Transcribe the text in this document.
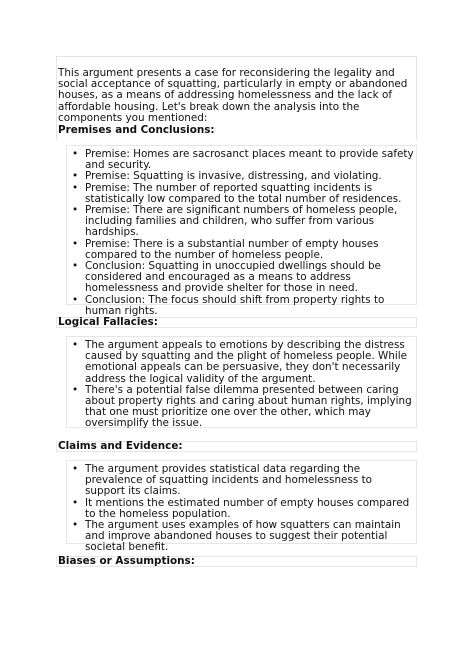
This argument presents a case for reconsidering the legality and social acceptance of squatting, particularly in empty or abandoned houses, as a means of addressing homelessness and the lack of affordable housing. Let's break down the analysis into the components you mentioned:

Premises and Conclusions:

• Premise: Homes are sacrosanct places meant to provide safety and security.
• Premise: Squatting is invasive, distressing, and violating.
• Premise: The number of reported squatting incidents is statistically low compared to the total number of residences.
• Premise: There are significant numbers of homeless people, including families and children, who suffer from various hardships.
• Premise: There is a substantial number of empty houses compared to the number of homeless people.
• Conclusion: Squatting in unoccupied dwellings should be considered and encouraged as a means to address homelessness and provide shelter for those in need.
• Conclusion: The focus should shift from property rights to human rights.

Logical Fallacies:

• The argument appeals to emotions by describing the distress caused by squatting and the plight of homeless people. While emotional appeals can be persuasive, they don't necessarily address the logical validity of the argument.
• There's a potential false dilemma presented between caring about property rights and caring about human rights, implying that one must prioritize one over the other, which may oversimplify the issue.

Claims and Evidence:

• The argument provides statistical data regarding the prevalence of squatting incidents and homelessness to support its claims.
• It mentions the estimated number of empty houses compared to the homeless population.
• The argument uses examples of how squatters can maintain and improve abandoned houses to suggest their potential societal benefit.

Biases or Assumptions:
